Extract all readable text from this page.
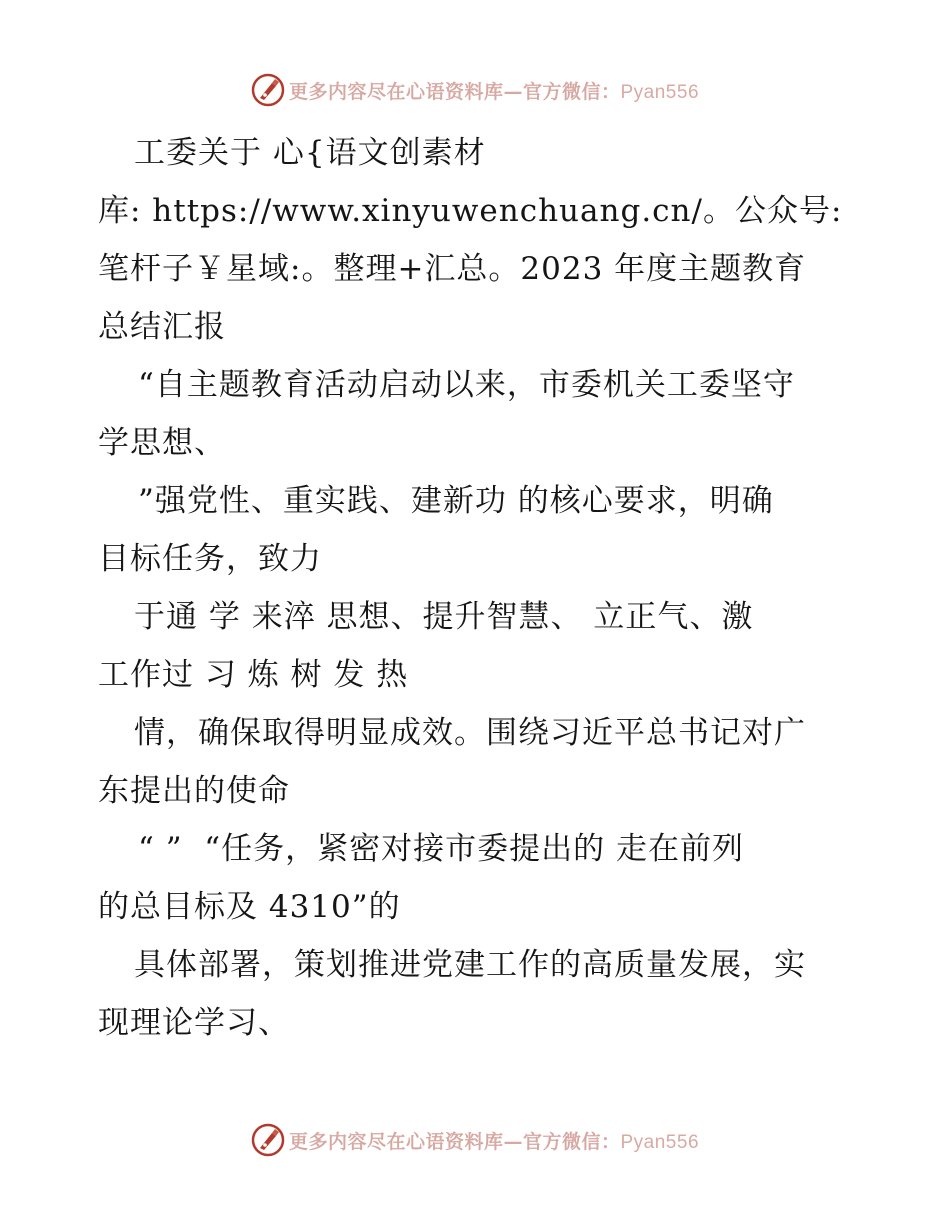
更多内容尽在心语资料库—官方微信：Pyan556
工委关于 心{语文创素材
库: https://www.xinyuwenchuang.cn/。公众号:
笔杆子￥星域:。整理+汇总。2023 年度主题教育
总结汇报
“自主题教育活动启动以来，市委机关工委坚守
学思想、
”强党性、重实践、建新功 的核心要求，明确
目标任务，致力
于通 学 来淬 思想、提升智慧、 立正气、激
工作过 习 炼 树 发 热
情，确保取得明显成效。围绕习近平总书记对广
东提出的使命
“ ”  “任务，紧密对接市委提出的 走在前列
的总目标及 4310”的
具体部署，策划推进党建工作的高质量发展，实
现理论学习、
更多内容尽在心语资料库—官方微信：Pyan556
